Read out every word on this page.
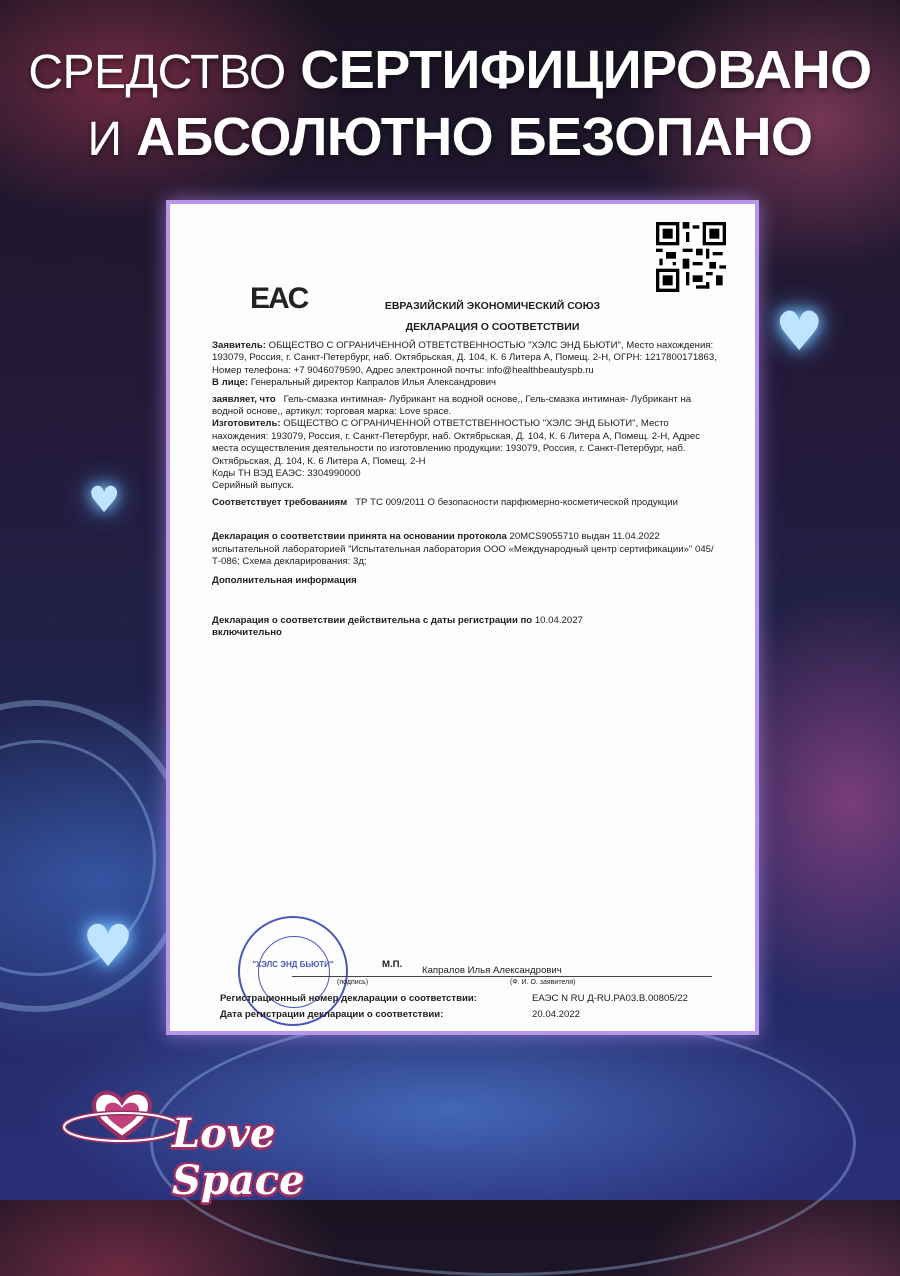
♥
♥
♥
СРЕДСТВО СЕРТИФИЦИРОВАНО
И АБСОЛЮТНО БЕЗОПАНО
EAC	ЕВРАЗИЙСКИЙ ЭКОНОМИЧЕСКИЙ СОЮЗ
ДЕКЛАРАЦИЯ О СООТВЕТСТВИИ

Заявитель: ОБЩЕСТВО С ОГРАНИЧЕННОЙ ОТВЕТСТВЕННОСТЬЮ "ХЭЛС ЭНД БЬЮТИ", Место нахождения: 193079, Россия, г. Санкт-Петербург, наб. Октябрьская, Д. 104, К. 6 Литера А, Помещ. 2-Н, ОГРН: 1217800171863, Номер телефона: +7 9046079590, Адрес электронной почты: info@healthbeautyspb.ru

В лице: Генеральный директор Капралов Илья Александрович

заявляет, что Гель-смазка интимная- Лубрикант на водной основе,, Гель-смазка интимная- Лубрикант на водной основе,, артикул: торговая марка: Love space.

Изготовитель: ОБЩЕСТВО С ОГРАНИЧЕННОЙ ОТВЕТСТВЕННОСТЬЮ "ХЭЛС ЭНД БЬЮТИ", Место нахождения: 193079, Россия, г. Санкт-Петербург, наб. Октябрьская, Д. 104, К. 6 Литера А, Помещ. 2-Н, Адрес места осуществления деятельности по изготовлению продукции: 193079, Россия, г. Санкт-Петербург, наб. Октябрьская, Д. 104, К. 6 Литера А, Помещ. 2-Н

Коды ТН ВЭД ЕАЭС: 3304990000

Серийный выпуск.

Соответствует требованиям ТР ТС 009/2011 О безопасности парфюмерно-косметической продукции

Декларация о соответствии принята на основании протокола 20MCS9055710 выдан 11.04.2022 испытательной лабораторией "Испытательная лаборатория ООО «Международный центр сертификации»" 045/Т-086; Схема декларирования: 3д;

Дополнительная информация

Декларация о соответствии действительна с даты регистрации по 10.04.2027

включительно

"ХЭЛС ЭНД БЬЮТИ"	М.П.
Капралов Илья Александрович
(подпись)	(Ф. И. О. заявителя)
Регистрационный номер декларации о соответствии:	ЕАЭС N RU Д-RU.РА03.В.00805/22
Дата регистрации декларации о соответствии:	20.04.2022
Love Space
